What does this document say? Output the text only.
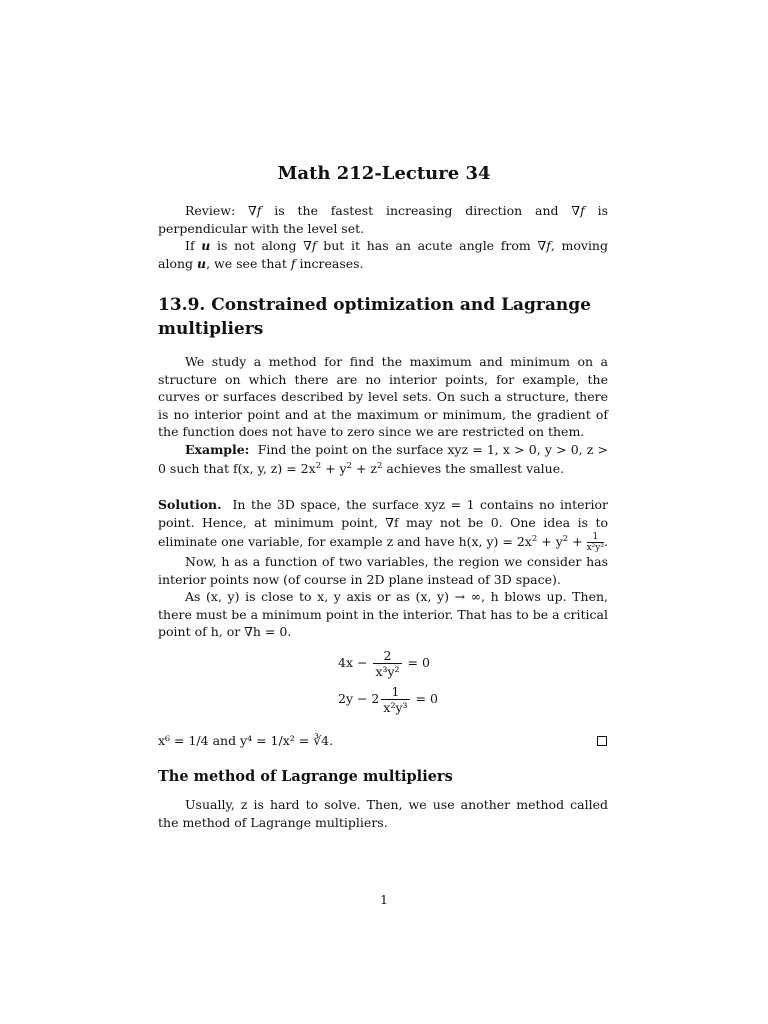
Math 212-Lecture 34
Review: ∇f is the fastest increasing direction and ∇f is perpendicular with the level set.
If u is not along ∇f but it has an acute angle from ∇f, moving along u, we see that f increases.
13.9. Constrained optimization and Lagrange multipliers
We study a method for find the maximum and minimum on a structure on which there are no interior points, for example, the curves or surfaces described by level sets. On such a structure, there is no interior point and at the maximum or minimum, the gradient of the function does not have to zero since we are restricted on them.
Example: Find the point on the surface xyz = 1, x > 0, y > 0, z > 0 such that f(x, y, $z) = 2x^2 + y^2 + z^2$ achieves the smallest value.
Solution. In the 3D space, the surface xyz = 1 contains no interior point. Hence, at minimum point, ∇f may not be 0. One idea is to eliminate one variable, for example z and have h(x, $y) = 2x^2 + y^2 + \frac{1}{\text{x²y²}}$ .
Now, h as a function of two variables, the region we consider has interior points now (of course in 2D plane instead of 3D space).
As (x, y) is close to x, y axis or as (x, y) → ∞, h blows up. Then, there must be a minimum point in the interior. That has to be a critical point of h, or ∇h = 0.
$4x - \frac{2}{\text{x³y²}} = 0$
$2y - 2 \frac{1}{\text{x²y³}} = 0$
x⁶ = 1/4 and y⁴ = 1/x² = ∛4.
The method of Lagrange multipliers
Usually, z is hard to solve. Then, we use another method called the method of Lagrange multipliers.
1
